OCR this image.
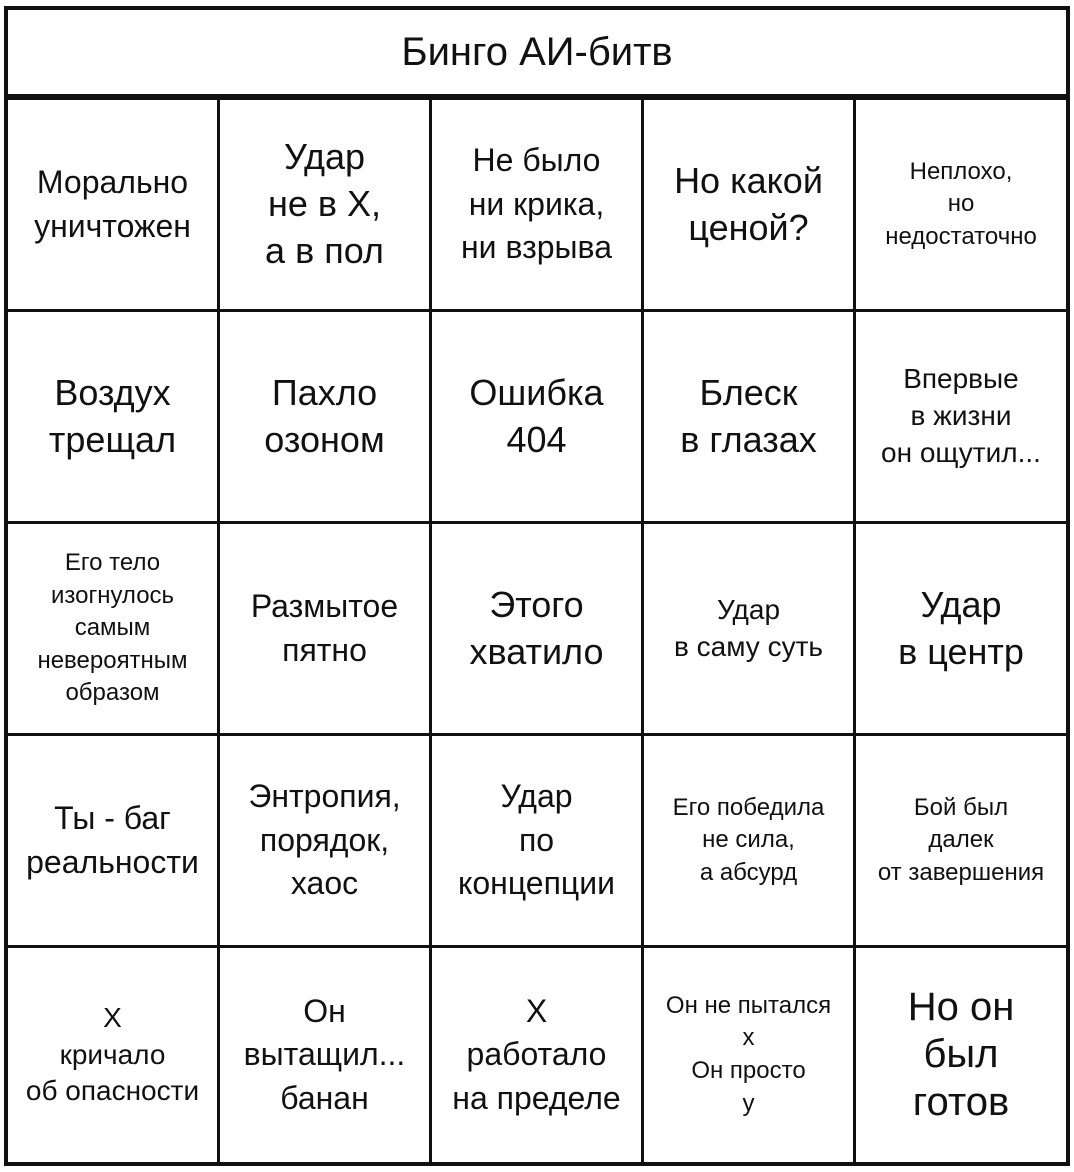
Бинго АИ-битв
Морально
уничтожен
Удар
не в Х,
а в пол
Не было
ни крика,
ни взрыва
Но какой
ценой?
Неплохо,
но
недостаточно
Воздух
трещал
Пахло
озоном
Ошибка
404
Блеск
в глазах
Впервые
в жизни
он ощутил...
Его тело
изогнулось
самым
невероятным
образом
Размытое
пятно
Этого
хватило
Удар
в саму суть
Удар
в центр
Ты - баг
реальности
Энтропия,
порядок,
хаос
Удар
по
концепции
Его победила
не сила,
а абсурд
Бой был
далек
от завершения
Х
кричало
об опасности
Он
вытащил...
банан
Х
работало
на пределе
Он не пытался
х
Он просто
у
Но он
был
готов
